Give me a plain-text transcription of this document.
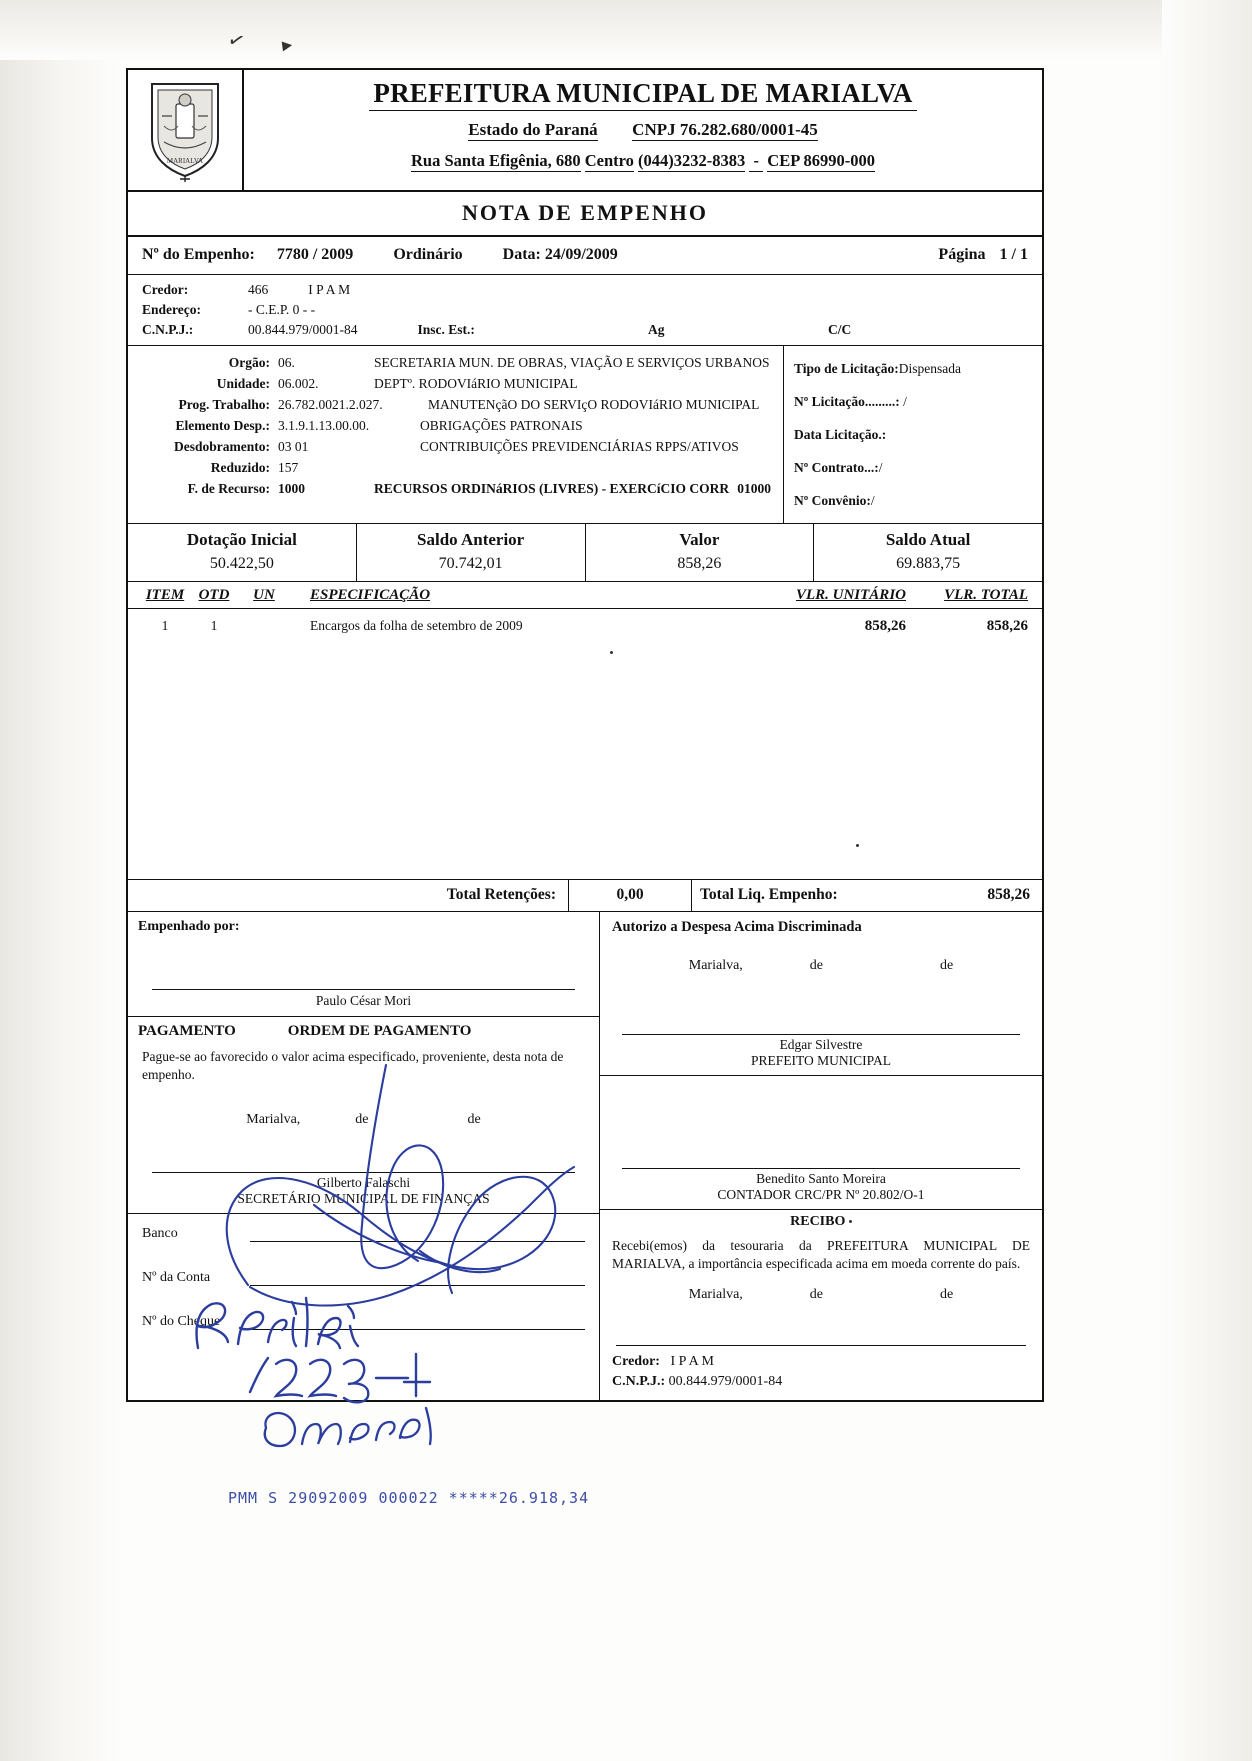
✓ ▸
MARIALVA
PREFEITURA MUNICIPAL DE MARIALVA
Estado do Paraná CNPJ 76.282.680/0001-45
Rua Santa Efigênia, 680 Centro (044)3232-8383  -  CEP 86990-000
NOTA DE EMPENHO
Nº do Empenho: 7780 / 2009	Ordinário	Data:
24/09/2009	Página 1 / 1
Credor:	466	I P A M
Endereço:	- C.E.P. 0 - -
C.N.P.J.:	00.844.979/0001-84	Insc. Est.:	Ag	C/C
Orgão: 06.	SECRETARIA MUN. DE OBRAS, VIAÇÃO E SERVIÇOS URBANOS
Unidade: 06.002.	DEPTº. RODOVIáRIO MUNICIPAL
Prog. Trabalho: 26.782.0021.2.027.	MANUTENçãO DO SERVIçO RODOVIáRIO MUNICIPAL
Elemento Desp.: 3.1.9.1.13.00.00.	OBRIGAÇÕES PATRONAIS
Desdobramento: 03 01	CONTRIBUIÇÕES PREVIDENCIÁRIAS RPPS/ATIVOS
Reduzido: 157
F. de Recurso: 1000	RECURSOS ORDINáRIOS (LIVRES) - EXERCíCIO CORR 01000
Tipo de Licitação:Dispensada
Nº Licitação.........: /
Data Licitação.:
Nº Contrato...:/
Nº Convênio:/
Dotação Inicial
50.422,50
Saldo Anterior
70.742,01
Valor
858,26
Saldo Atual
69.883,75
ITEM OTD	UN	ESPECIFICAÇÃO	VLR. UNITÁRIO	VLR. TOTAL
1	1	Encargos da folha de setembro de 2009	858,26	858,26
Total Retenções:	0,00	Total Liq. Empenho:	858,26
Empenhado por:
Paulo César Mori
PAGAMENTO	ORDEM DE PAGAMENTO
Pague-se ao favorecido o valor acima especificado, proveniente, desta nota de empenho.
Marialva,	de	de
Gilberto Falaschi
SECRETÁRIO MUNICIPAL DE FINANÇAS
Banco
Nº da Conta
Nº do Cheque
Autorizo a Despesa Acima Discriminada
Marialva,	de	de
Edgar Silvestre
PREFEITO MUNICIPAL
Benedito Santo Moreira
CONTADOR CRC/PR Nº 20.802/O-1
RECIBO
Recebi(emos) da tesouraria da PREFEITURA MUNICIPAL DE MARIALVA, a importância especificada acima em moeda corrente do país.
Marialva,	de	de
Credor: I P A M
C.N.P.J.: 00.844.979/0001-84
PMM S 29092009 000022 *****26.918,34
